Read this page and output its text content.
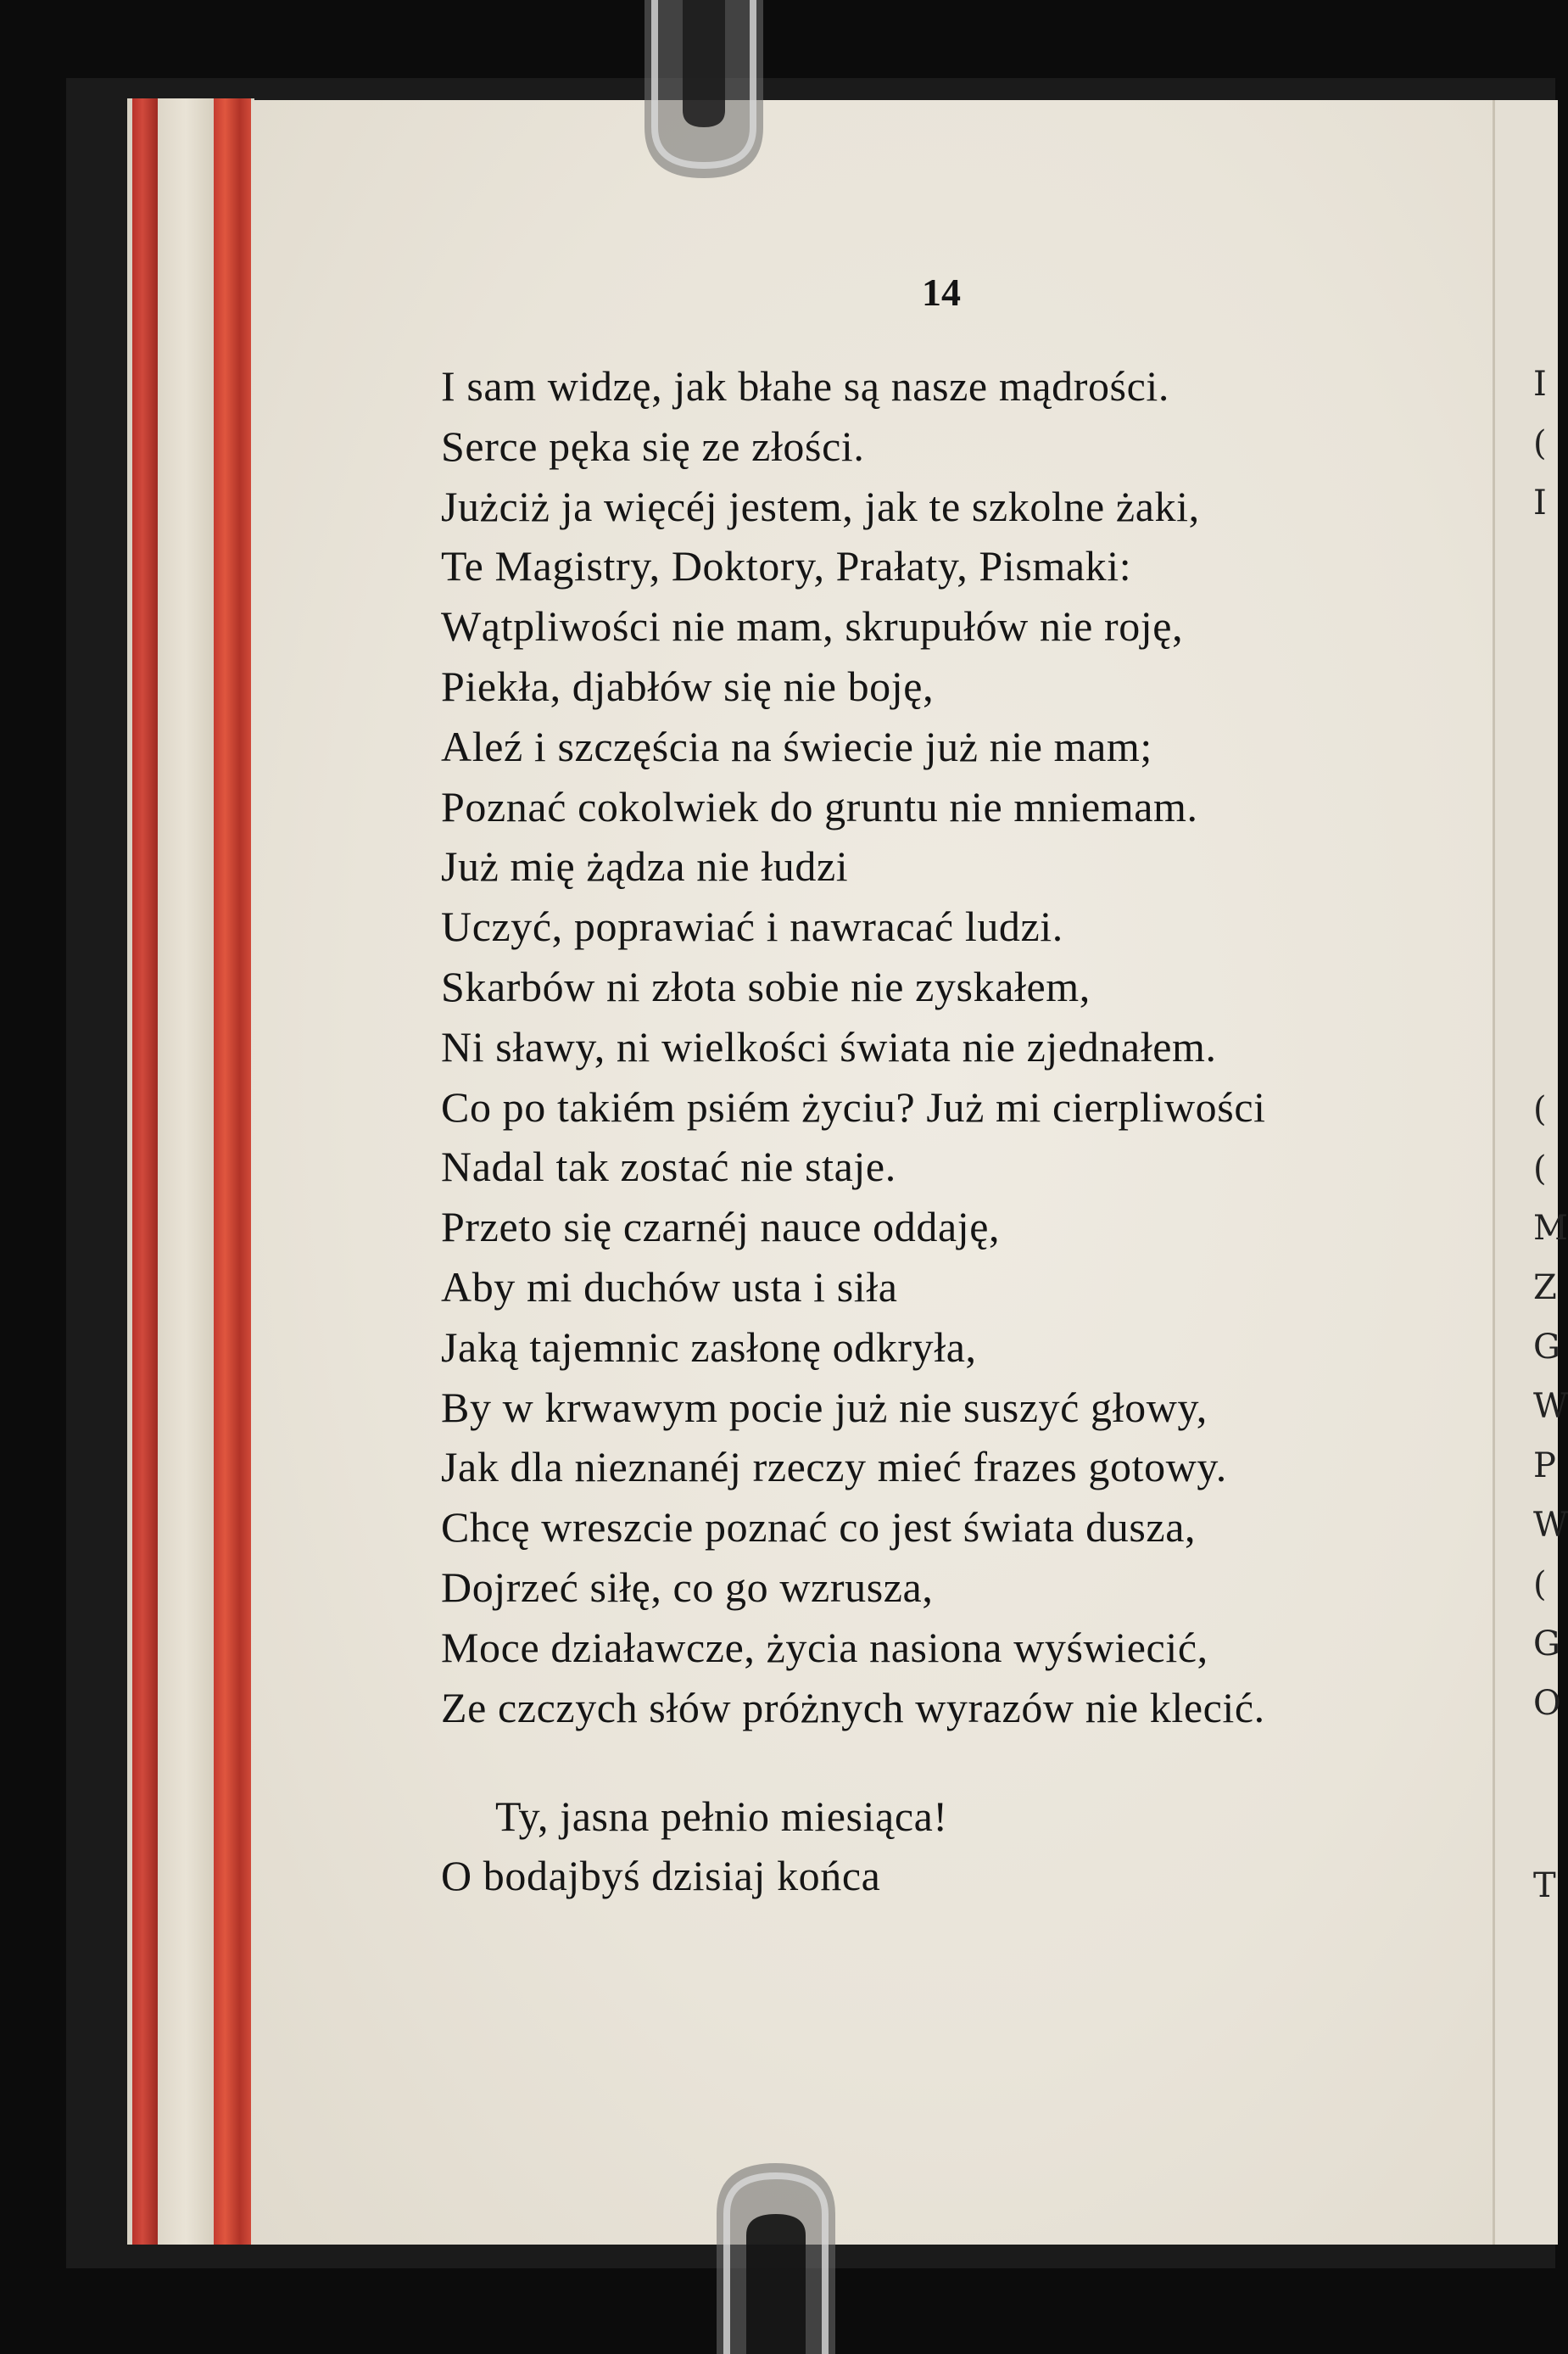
I
(
I
(
(
M
Z
G
W
P
W
(
G
O
T
14
I sam widzę, jak błahe są nasze mądrości.
Serce pęka się ze złości.
Jużciż ja więcéj jestem, jak te szkolne żaki,
Te Magistry, Doktory, Prałaty, Pismaki:
Wątpliwości nie mam, skrupułów nie roję,
Piekła, djabłów się nie boję,
Aleź i szczęścia na świecie już nie mam;
Poznać cokolwiek do gruntu nie mniemam.
Już mię żądza nie łudzi
Uczyć, poprawiać i nawracać ludzi.
Skarbów ni złota sobie nie zyskałem,
Ni sławy, ni wielkości świata nie zjednałem.
Co po takiém psiém życiu? Już mi cierpliwości
Nadal tak zostać nie staje.
Przeto się czarnéj nauce oddaję,
Aby mi duchów usta i siła
Jaką tajemnic zasłonę odkryła,
By w krwawym pocie już nie suszyć głowy,
Jak dla nieznanéj rzeczy mieć frazes gotowy.
Chcę wreszcie poznać co jest świata dusza,
Dojrzeć siłę, co go wzrusza,
Moce działawcze, życia nasiona wyświecić,
Ze czczych słów próżnych wyrazów nie klecić.
Ty, jasna pełnio miesiąca!
O bodajbyś dzisiaj końca
